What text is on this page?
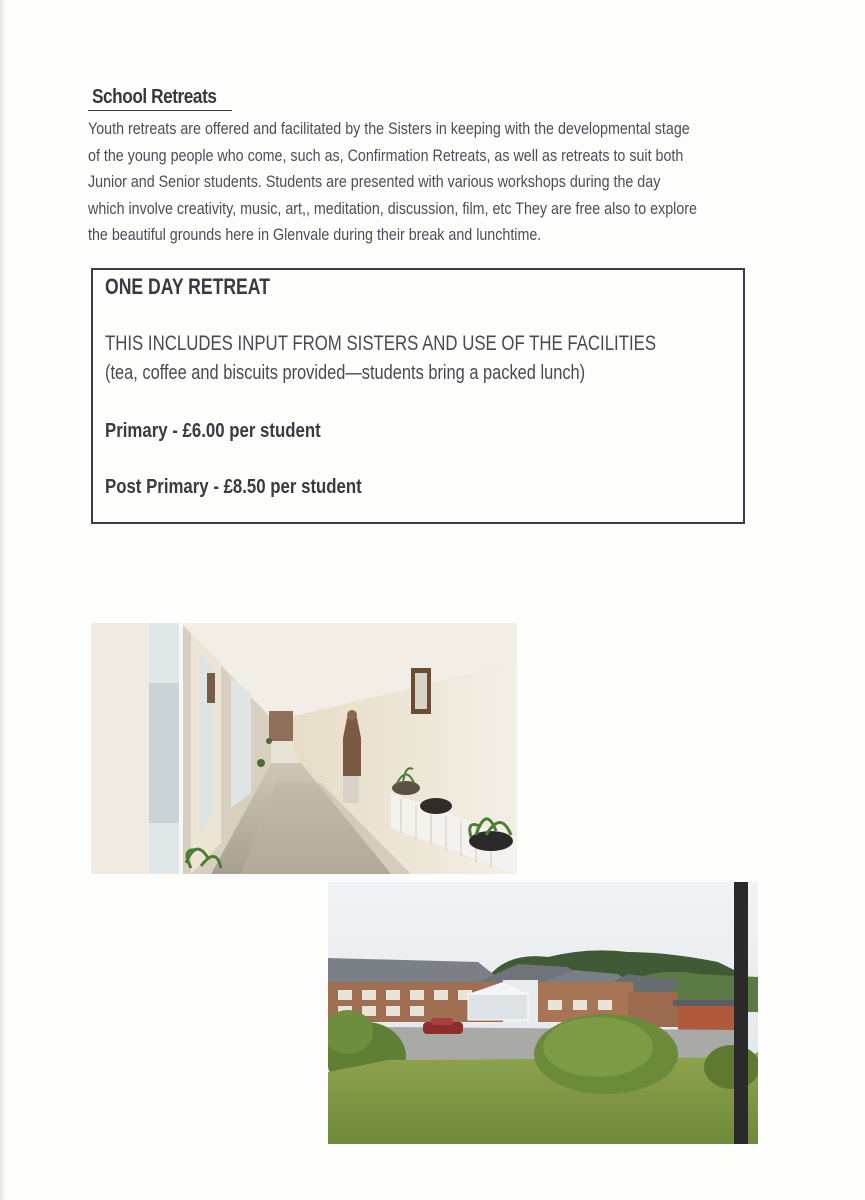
School Retreats

Youth retreats are offered and facilitated by the Sisters in keeping with the developmental stage
of the young people who come, such as, Confirmation Retreats, as well as retreats to suit both
Junior and Senior students. Students are presented with various workshops during the day
which involve creativity, music, art,, meditation, discussion, film, etc They are free also to explore
the beautiful grounds here in Glenvale during their break and lunchtime.

ONE DAY RETREAT

THIS INCLUDES INPUT FROM SISTERS AND USE OF THE FACILITIES

(tea, coffee and biscuits provided—students bring a packed lunch)

Primary - £6.00 per student

Post Primary - £8.50 per student
